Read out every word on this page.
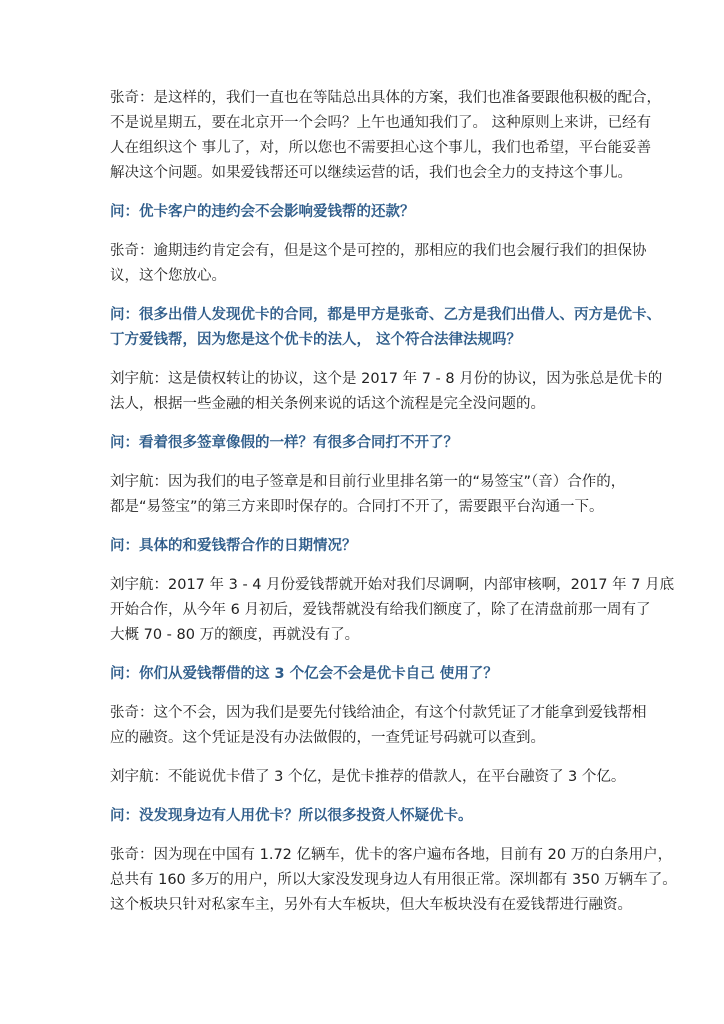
张奇：是这样的，我们一直也在等陆总出具体的方案，我们也准备要跟他积极的配合，
不是说星期五，要在北京开一个会吗？上午也通知我们了。 这种原则上来讲，已经有
人在组织这个 事儿了，对，所以您也不需要担心这个事儿，我们也希望，平台能妥善
解决这个问题。如果爱钱帮还可以继续运营的话，我们也会全力的支持这个事儿。
问：优卡客户的违约会不会影响爱钱帮的还款？
张奇：逾期违约肯定会有，但是这个是可控的，那相应的我们也会履行我们的担保协
议，这个您放心。
问：很多出借人发现优卡的合同，都是甲方是张奇、乙方是我们出借人、丙方是优卡、
丁方爱钱帮，因为您是这个优卡的法人， 这个符合法律法规吗？
刘宇航：这是债权转让的协议，这个是 2017 年 7 - 8 月份的协议，因为张总是优卡的
法人，根据一些金融的相关条例来说的话这个流程是完全没问题的。
问：看着很多签章像假的一样？有很多合同打不开了？
刘宇航：因为我们的电子签章是和目前行业里排名第一的“易签宝”（音）合作的，
都是“易签宝”的第三方来即时保存的。合同打不开了，需要跟平台沟通一下。
问：具体的和爱钱帮合作的日期情况？
刘宇航：2017 年 3 - 4 月份爱钱帮就开始对我们尽调啊，内部审核啊，2017 年 7 月底
开始合作，从今年 6 月初后，爱钱帮就没有给我们额度了，除了在清盘前那一周有了
大概 70 - 80 万的额度，再就没有了。
问：你们从爱钱帮借的这 3 个亿会不会是优卡自己 使用了？
张奇：这个不会，因为我们是要先付钱给油企，有这个付款凭证了才能拿到爱钱帮相
应的融资。这个凭证是没有办法做假的，一查凭证号码就可以查到。
刘宇航：不能说优卡借了 3 个亿，是优卡推荐的借款人，在平台融资了 3 个亿。
问：没发现身边有人用优卡？所以很多投资人怀疑优卡。
张奇：因为现在中国有 1.72 亿辆车，优卡的客户遍布各地，目前有 20 万的白条用户，
总共有 160 多万的用户，所以大家没发现身边人有用很正常。深圳都有 350 万辆车了。
这个板块只针对私家车主，另外有大车板块，但大车板块没有在爱钱帮进行融资。
